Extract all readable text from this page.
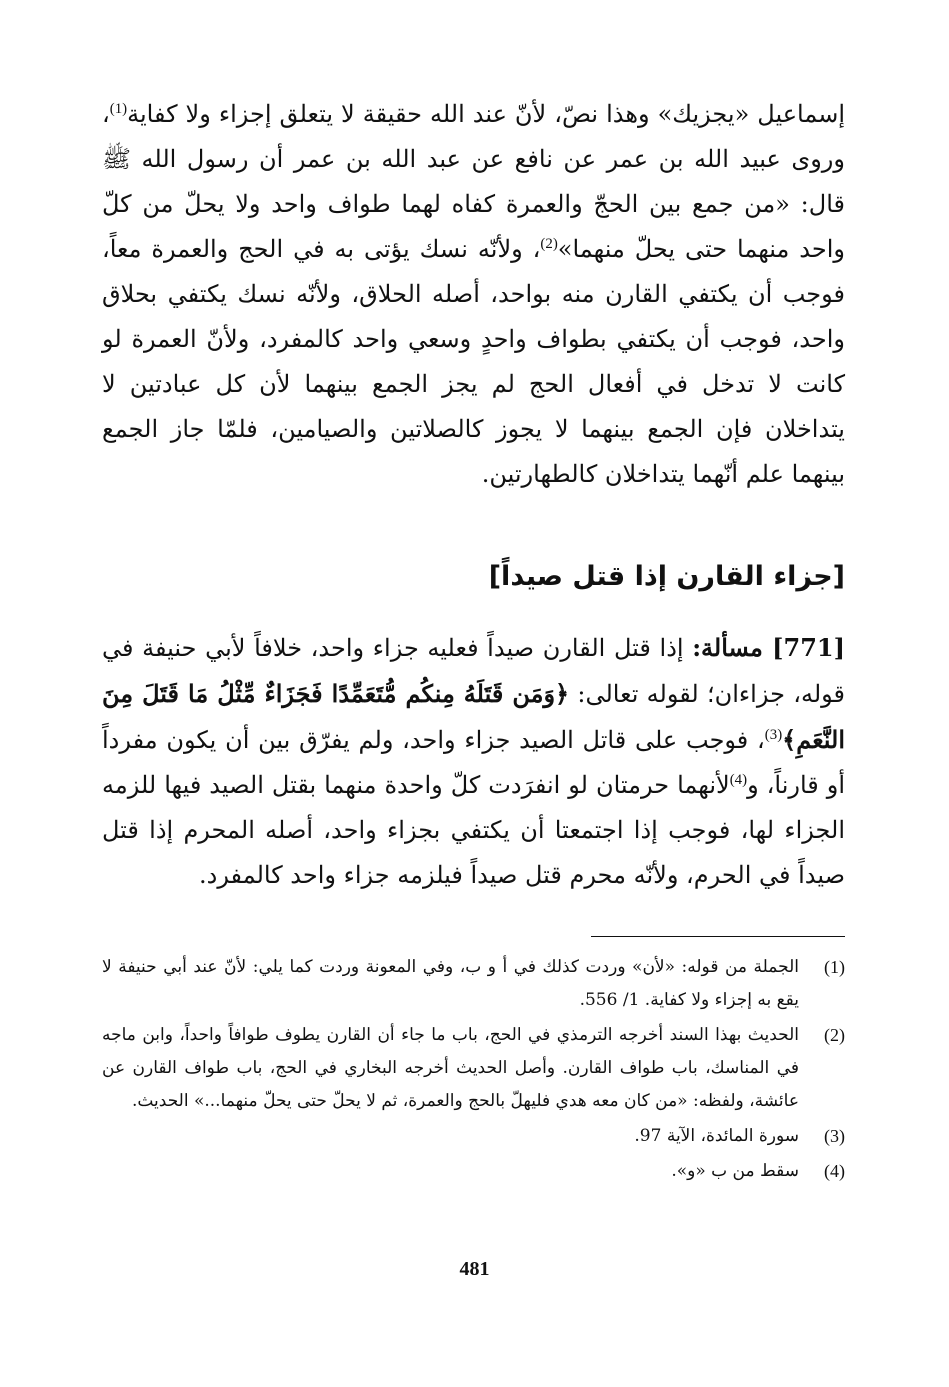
إسماعيل «يجزيك» وهذا نصّ، لأنّ عند الله حقيقة لا يتعلق إجزاء ولا كفاية$^{(1)}$، وروى عبيد الله بن عمر عن نافع عن عبد الله بن عمر أن رسول الله ﷺ قال: «من جمع بين الحجّ والعمرة كفاه لهما طواف واحد ولا يحلّ من كلّ واحد منهما حتى يحلّ منهما»$^{(2)}$، ولأنّه نسك يؤتى به في الحج والعمرة معاً، فوجب أن يكتفي القارن منه بواحد، أصله الحلاق، ولأنّه نسك يكتفي بحلاق واحد، فوجب أن يكتفي بطواف واحدٍ وسعي واحد كالمفرد، ولأنّ العمرة لو كانت لا تدخل في أفعال الحج لم يجز الجمع بينهما لأن كل عبادتين لا يتداخلان فإن الجمع بينهما لا يجوز كالصلاتين والصيامين، فلمّا جاز الجمع بينهما علم أنّهما يتداخلان كالطهارتين.

[جزاء القارن إذا قتل صيداً]

[771] مسألة: إذا قتل القارن صيداً فعليه جزاء واحد، خلافاً لأبي حنيفة في قوله، جزاءان؛ لقوله تعالى: ﴿وَمَن قَتَلَهُ مِنكُم مُّتَعَمِّدًا فَجَزَاءٌ مِّثْلُ مَا قَتَلَ مِنَ النَّعَمِ﴾$^{(3)}$، فوجب على قاتل الصيد جزاء واحد، ولم يفرّق بين أن يكون مفرداً أو قارناً، و$^{(4)}$لأنهما حرمتان لو انفرَدت كلّ واحدة منهما بقتل الصيد فيها للزمه الجزاء لها، فوجب إذا اجتمعتا أن يكتفي بجزاء واحد، أصله المحرم إذا قتل صيداً في الحرم، ولأنّه محرم قتل صيداً فيلزمه جزاء واحد كالمفرد.

(1)
الجملة من قوله: «لأن» وردت كذلك في أ و ب، وفي المعونة وردت كما يلي: لأنّ عند أبي حنيفة لا يقع به إجزاء ولا كفاية. 1/ 556.
(2)
الحديث بهذا السند أخرجه الترمذي في الحج، باب ما جاء أن القارن يطوف طوافاً واحداً، وابن ماجه في المناسك، باب طواف القارن. وأصل الحديث أخرجه البخاري في الحج، باب طواف القارن عن عائشة، ولفظه: «من كان معه هدي فليهلّ بالحج والعمرة، ثم لا يحلّ حتى يحلّ منهما...» الحديث.
(3)
سورة المائدة، الآية 97.
(4)
سقط من ب «و».
481
